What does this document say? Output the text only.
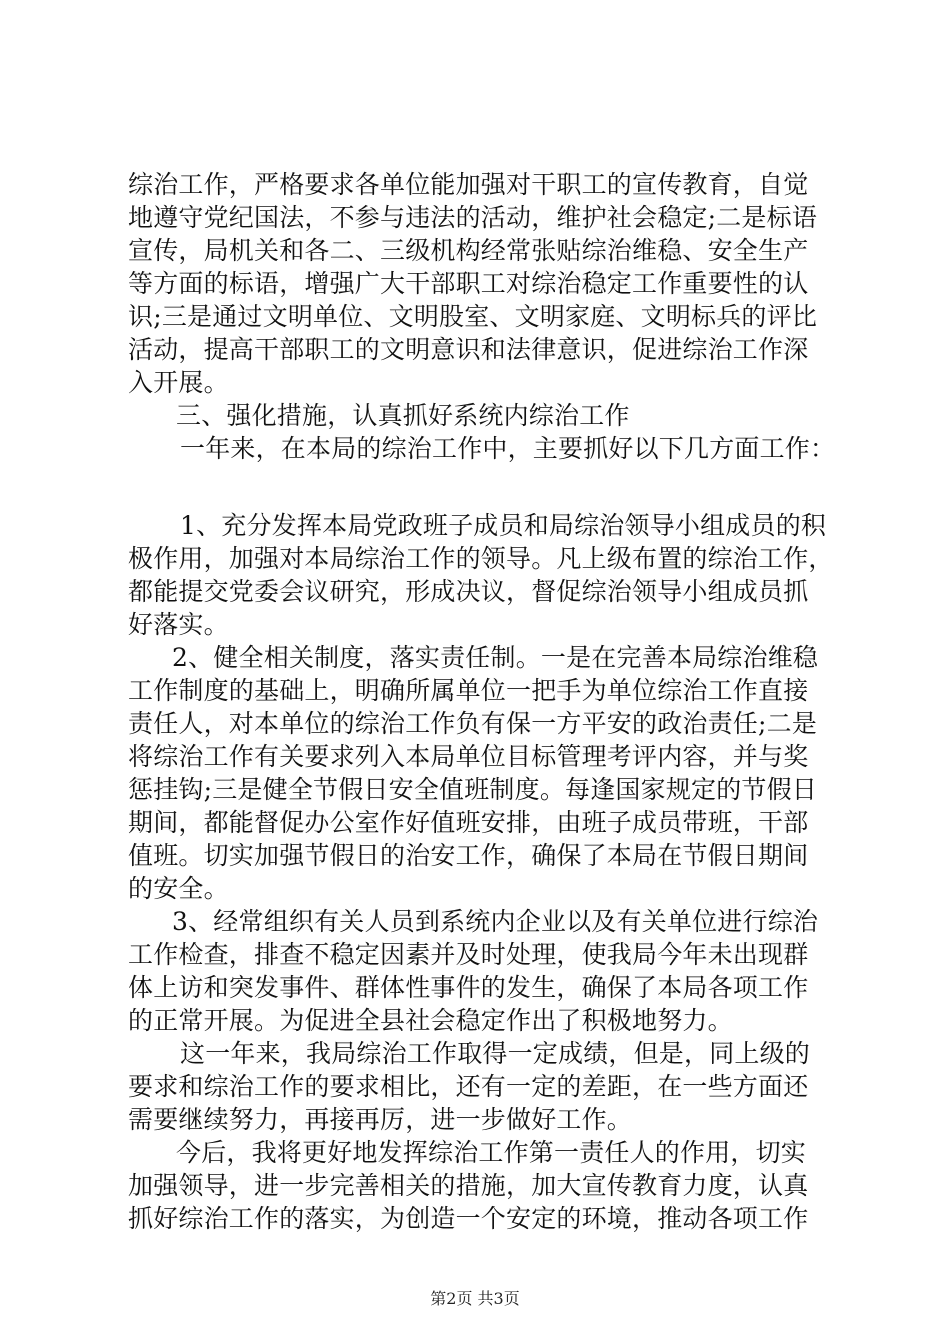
综治工作，严格要求各单位能加强对干职工的宣传教育，自觉
地遵守党纪国法，不参与违法的活动，维护社会稳定;二是标语
宣传，局机关和各二、三级机构经常张贴综治维稳、安全生产
等方面的标语，增强广大干部职工对综治稳定工作重要性的认
识;三是通过文明单位、文明股室、文明家庭、文明标兵的评比
活动，提高干部职工的文明意识和法律意识，促进综治工作深
入开展。
三、强化措施，认真抓好系统内综治工作
一年来，在本局的综治工作中，主要抓好以下几方面工作：
1、充分发挥本局党政班子成员和局综治领导小组成员的积
极作用，加强对本局综治工作的领导。凡上级布置的综治工作，
都能提交党委会议研究，形成决议，督促综治领导小组成员抓
好落实。
2、健全相关制度，落实责任制。一是在完善本局综治维稳
工作制度的基础上，明确所属单位一把手为单位综治工作直接
责任人，对本单位的综治工作负有保一方平安的政治责任;二是
将综治工作有关要求列入本局单位目标管理考评内容，并与奖
惩挂钩;三是健全节假日安全值班制度。每逢国家规定的节假日
期间，都能督促办公室作好值班安排，由班子成员带班，干部
值班。切实加强节假日的治安工作，确保了本局在节假日期间
的安全。
3、经常组织有关人员到系统内企业以及有关单位进行综治
工作检查，排查不稳定因素并及时处理，使我局今年未出现群
体上访和突发事件、群体性事件的发生，确保了本局各项工作
的正常开展。为促进全县社会稳定作出了积极地努力。
这一年来，我局综治工作取得一定成绩，但是，同上级的
要求和综治工作的要求相比，还有一定的差距，在一些方面还
需要继续努力，再接再厉，进一步做好工作。
今后，我将更好地发挥综治工作第一责任人的作用，切实
加强领导，进一步完善相关的措施，加大宣传教育力度，认真
抓好综治工作的落实，为创造一个安定的环境，推动各项工作
第2页 共3页
